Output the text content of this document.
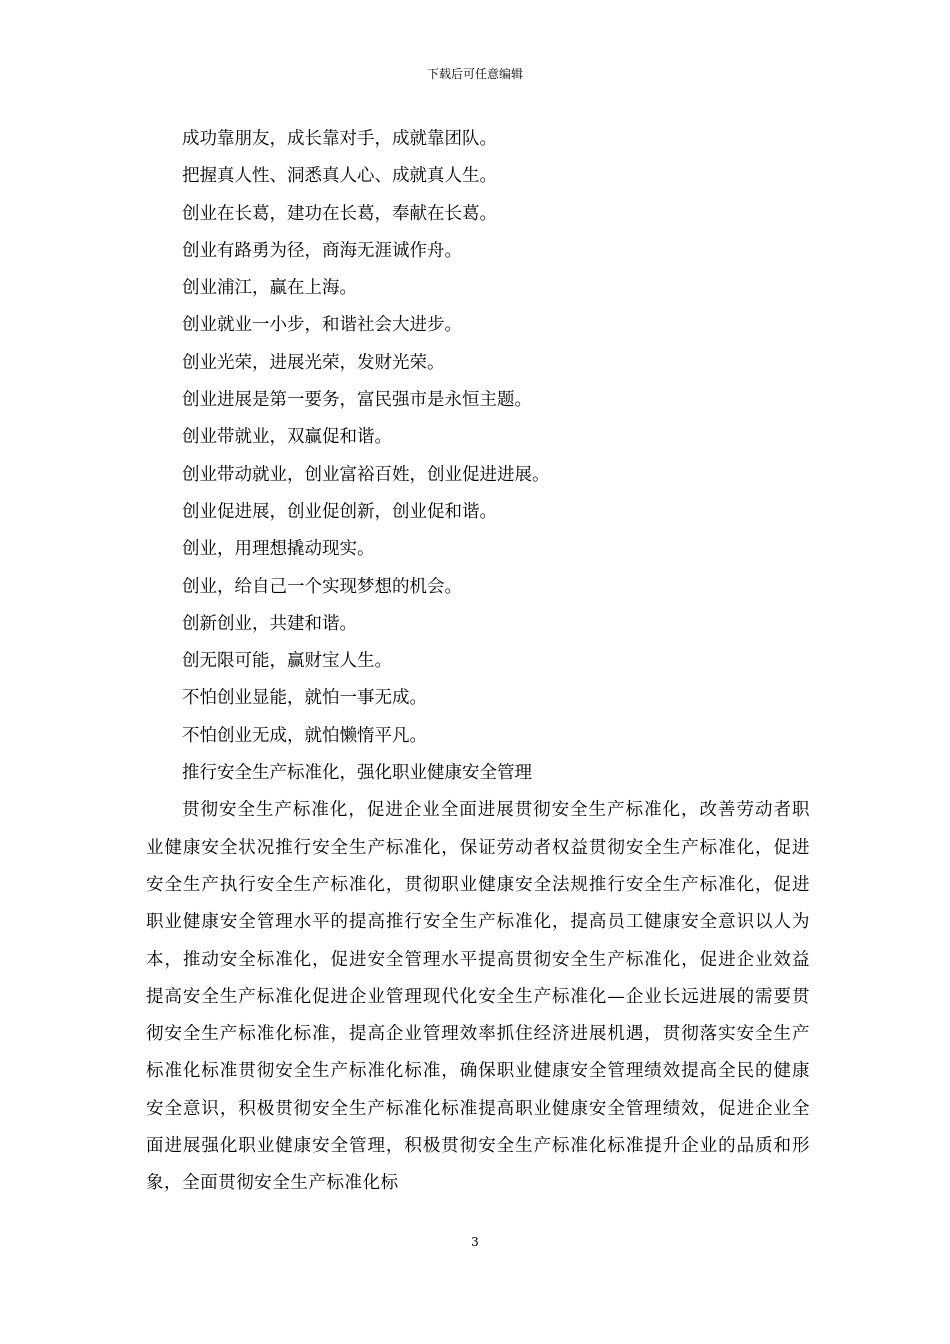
下载后可任意编辑
成功靠朋友，成长靠对手，成就靠团队。
把握真人性、洞悉真人心、成就真人生。
创业在长葛，建功在长葛，奉献在长葛。
创业有路勇为径，商海无涯诚作舟。
创业浦江，赢在上海。
创业就业一小步，和谐社会大进步。
创业光荣，进展光荣，发财光荣。
创业进展是第一要务，富民强市是永恒主题。
创业带就业，双赢促和谐。
创业带动就业，创业富裕百姓，创业促进进展。
创业促进展，创业促创新，创业促和谐。
创业，用理想撬动现实。
创业，给自己一个实现梦想的机会。
创新创业，共建和谐。
创无限可能，赢财宝人生。
不怕创业显能，就怕一事无成。
不怕创业无成，就怕懒惰平凡。
推行安全生产标准化，强化职业健康安全管理

贯彻安全生产标准化，促进企业全面进展贯彻安全生产标准化，改善劳动者职业健康安全状况推行安全生产标准化，保证劳动者权益贯彻安全生产标准化，促进安全生产执行安全生产标准化，贯彻职业健康安全法规推行安全生产标准化，促进职业健康安全管理水平的提高推行安全生产标准化，提高员工健康安全意识以人为本，推动安全标准化，促进安全管理水平提高贯彻安全生产标准化，促进企业效益提高安全生产标准化促进企业管理现代化安全生产标准化—企业长远进展的需要贯彻安全生产标准化标准，提高企业管理效率抓住经济进展机遇，贯彻落实安全生产标准化标准贯彻安全生产标准化标准，确保职业健康安全管理绩效提高全民的健康安全意识，积极贯彻安全生产标准化标准提高职业健康安全管理绩效，促进企业全面进展强化职业健康安全管理，积极贯彻安全生产标准化标准提升企业的品质和形象，全面贯彻安全生产标准化标

3
